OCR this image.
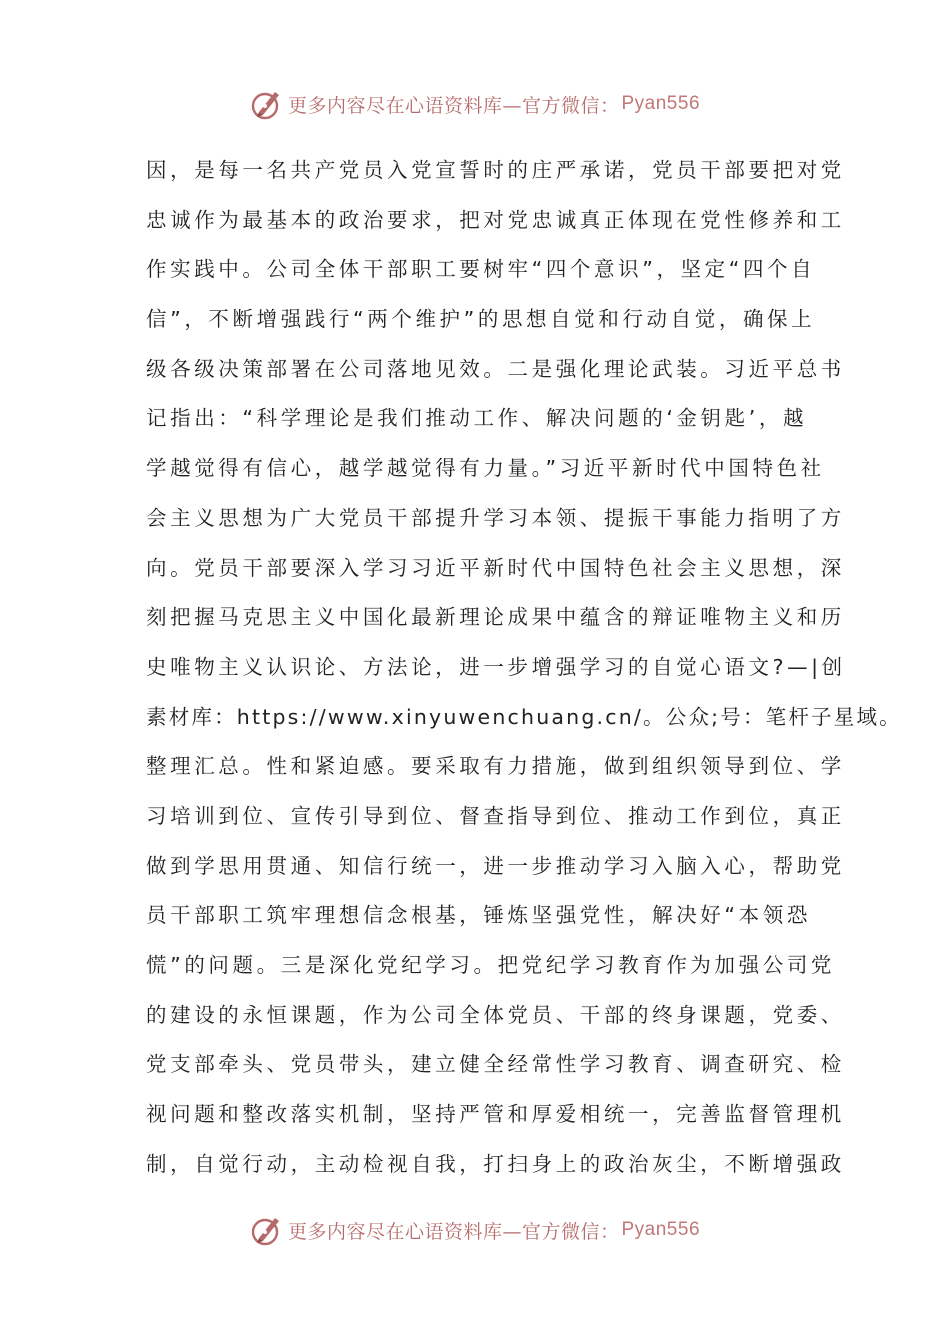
更多内容尽在心语资料库—官方微信： Pyan556
因，是每一名共产党员入党宣誓时的庄严承诺，党员干部要把对党
忠诚作为最基本的政治要求，把对党忠诚真正体现在党性修养和工
作实践中。公司全体干部职工要树牢“四个意识”，坚定“四个自
信”，不断增强践行“两个维护”的思想自觉和行动自觉，确保上
级各级决策部署在公司落地见效。二是强化理论武装。习近平总书
记指出：“科学理论是我们推动工作、解决问题的‘金钥匙’，越
学越觉得有信心，越学越觉得有力量。”习近平新时代中国特色社
会主义思想为广大党员干部提升学习本领、提振干事能力指明了方
向。党员干部要深入学习习近平新时代中国特色社会主义思想，深
刻把握马克思主义中国化最新理论成果中蕴含的辩证唯物主义和历
史唯物主义认识论、方法论，进一步增强学习的自觉心语文?—|创
素材库：https://www.xinyuwenchuang.cn/。公众;号：笔杆子星域。
整理汇总。性和紧迫感。要采取有力措施，做到组织领导到位、学
习培训到位、宣传引导到位、督查指导到位、推动工作到位，真正
做到学思用贯通、知信行统一，进一步推动学习入脑入心，帮助党
员干部职工筑牢理想信念根基，锤炼坚强党性，解决好“本领恐
慌”的问题。三是深化党纪学习。把党纪学习教育作为加强公司党
的建设的永恒课题，作为公司全体党员、干部的终身课题，党委、
党支部牵头、党员带头，建立健全经常性学习教育、调查研究、检
视问题和整改落实机制，坚持严管和厚爱相统一，完善监督管理机
制，自觉行动，主动检视自我，打扫身上的政治灰尘，不断增强政
更多内容尽在心语资料库—官方微信： Pyan556
